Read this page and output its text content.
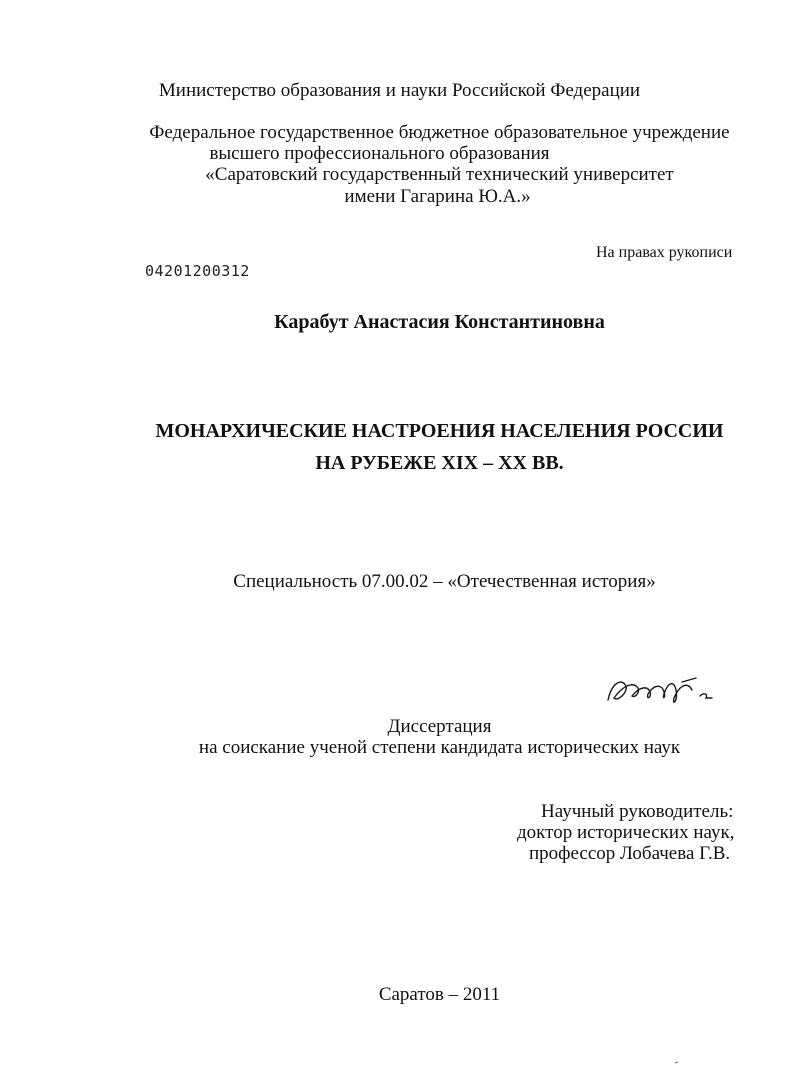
Министерство образования и науки Российской Федерации
Федеральное государственное бюджетное образовательное учреждение
высшего профессионального образования
«Саратовский государственный технический университет
имени Гагарина Ю.А.»
На правах рукописи
04201200312
Карабут Анастасия Константиновна
МОНАРХИЧЕСКИЕ НАСТРОЕНИЯ НАСЕЛЕНИЯ РОССИИ
НА РУБЕЖЕ XIX – XX ВВ.
Специальность 07.00.02 – «Отечественная история»
Диссертация
на соискание ученой степени кандидата исторических наук
Научный руководитель:
доктор исторических наук,
профессор Лобачева Г.В.
Саратов – 2011
